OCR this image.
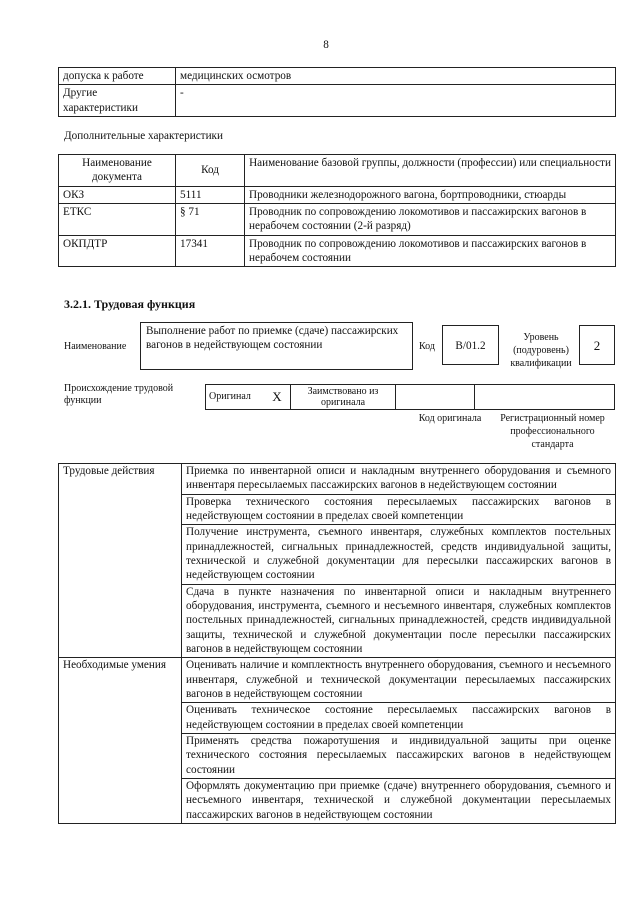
8
допуска к работе	медицинских осмотров
Другие характеристики	-
Дополнительные характеристики
Наименование документа	Код	Наименование базовой группы, должности (профессии) или специальности
ОКЗ	5111	Проводники железнодорожного вагона, бортпроводники, стюарды
ЕТКС	§ 71	Проводник по сопровождению локомотивов и пассажирских вагонов в нерабочем состоянии (2-й разряд)
ОКПДТР	17341	Проводник по сопровождению локомотивов и пассажирских вагонов в нерабочем состоянии
3.2.1. Трудовая функция
Наименование
Выполнение работ по приемке (сдаче) пассажирских вагонов в недействующем состоянии	Код	B/01.2
Уровень (подуровень) квалификации
2
Происхождение трудовой функции	Оригинал	X	Заимствовано из оригинала		
Код оригинала	Регистрационный номер профессионального стандарта
Трудовые действия	Приемка по инвентарной описи и накладным внутреннего оборудования и съемного инвентаря пересылаемых пассажирских вагонов в недействующем состоянии
	Проверка технического состояния пересылаемых пассажирских вагонов в недействующем состоянии в пределах своей компетенции
	Получение инструмента, съемного инвентаря, служебных комплектов постельных принадлежностей, сигнальных принадлежностей, средств индивидуальной защиты, технической и служебной документации для пересылки пассажирских вагонов в недействующем состоянии
	Сдача в пункте назначения по инвентарной описи и накладным внутреннего оборудования, инструмента, съемного и несъемного инвентаря, служебных комплектов постельных принадлежностей, сигнальных принадлежностей, средств индивидуальной защиты, технической и служебной документации после пересылки пассажирских вагонов в недействующем состоянии
Необходимые умения	Оценивать наличие и комплектность внутреннего оборудования, съемного и несъемного инвентаря, служебной и технической документации пересылаемых пассажирских вагонов в недействующем состоянии
	Оценивать техническое состояние пересылаемых пассажирских вагонов в недействующем состоянии в пределах своей компетенции
	Применять средства пожаротушения и индивидуальной защиты при оценке технического состояния пересылаемых пассажирских вагонов в недействующем состоянии
	Оформлять документацию при приемке (сдаче) внутреннего оборудования, съемного и несъемного инвентаря, технической и служебной документации пересылаемых пассажирских вагонов в недействующем состоянии
